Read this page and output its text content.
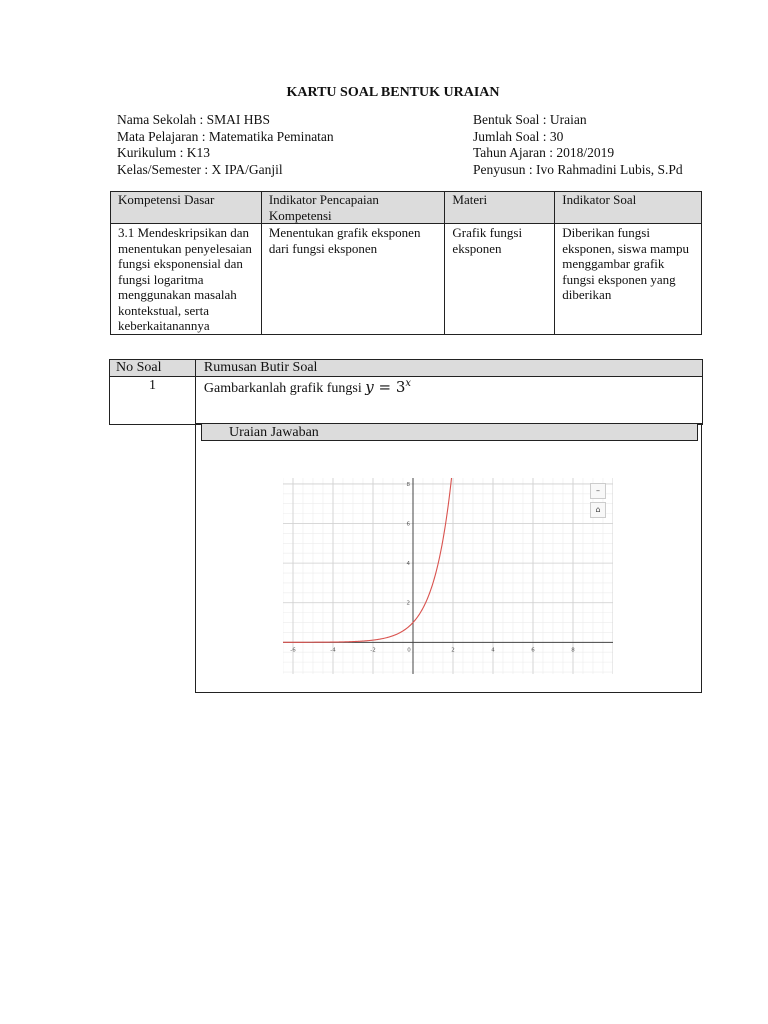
KARTU SOAL BENTUK URAIAN
Nama Sekolah : SMAI HBS
Mata Pelajaran : Matematika Peminatan
Kurikulum : K13
Kelas/Semester : X IPA/Ganjil
Bentuk Soal : Uraian
Jumlah Soal : 30
Tahun Ajaran : 2018/2019
Penyusun : Ivo Rahmadini Lubis, S.Pd
Kompetensi Dasar	Indikator Pencapaian Kompetensi	Materi	Indikator Soal
3.1 Mendeskripsikan dan menentukan penyelesaian fungsi eksponensial dan fungsi logaritma menggunakan masalah kontekstual, serta keberkaitanannya	Menentukan grafik eksponen dari fungsi eksponen	Grafik fungsi eksponen	Diberikan fungsi eksponen, siswa mampu menggambar grafik fungsi eksponen yang diberikan
No Soal	Rumusan Butir Soal
1	Gambarkanlah grafik fungsi $y = 3^x$
Uraian Jawaban
-6	-4	-2	0	2	4	6	8
2
4
6
8
–
⌂
